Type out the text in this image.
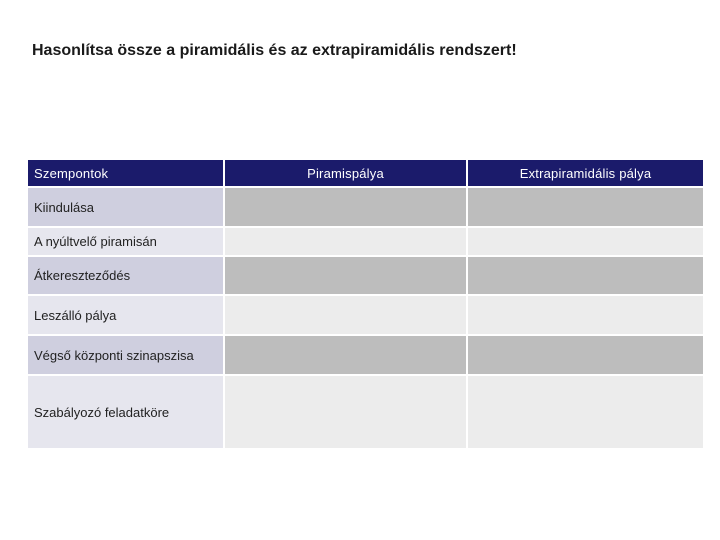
Hasonlítsa össze a piramidális és az extrapiramidális rendszert!
Szempontok	Piramispálya	Extrapiramidális pálya
Kiindulása		
A nyúltvelő piramisán		
Átkereszteződés		
Leszálló pálya		
Végső központi szinapszisa		
Szabályozó feladatköre		
